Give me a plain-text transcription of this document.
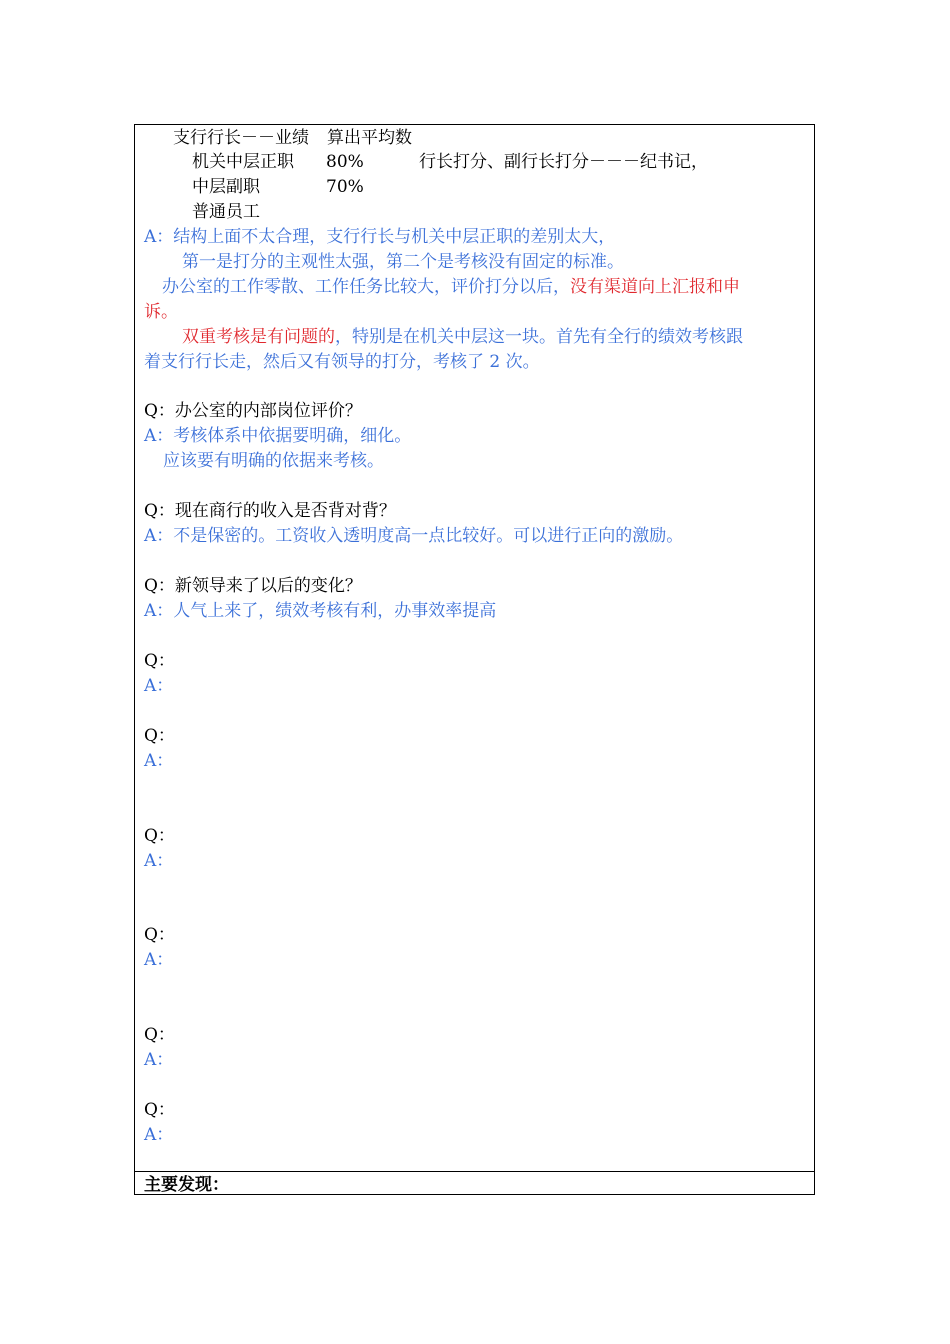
支行行长－－业绩 算出平均数
机关中层正职 80%	行长打分、副行长打分－－－纪书记，
中层副职	70%
普通员工
A：结构上面不太合理，支行行长与机关中层正职的差别太大，
第一是打分的主观性太强，第二个是考核没有固定的标准。
办公室的工作零散、工作任务比较大，评价打分以后，没有渠道向上汇报和申
诉。
双重考核是有问题的，特别是在机关中层这一块。首先有全行的绩效考核跟
着支行行长走，然后又有领导的打分，考核了 2 次。
Q：办公室的内部岗位评价？
A：考核体系中依据要明确，细化。
应该要有明确的依据来考核。
Q：现在商行的收入是否背对背？
A：不是保密的。工资收入透明度高一点比较好。可以进行正向的激励。
Q：新领导来了以后的变化？
A：人气上来了，绩效考核有利，办事效率提高
Q：
A：
Q：
A：
Q：
A：
Q：
A：
Q：
A：
Q：
A：
主要发现：
